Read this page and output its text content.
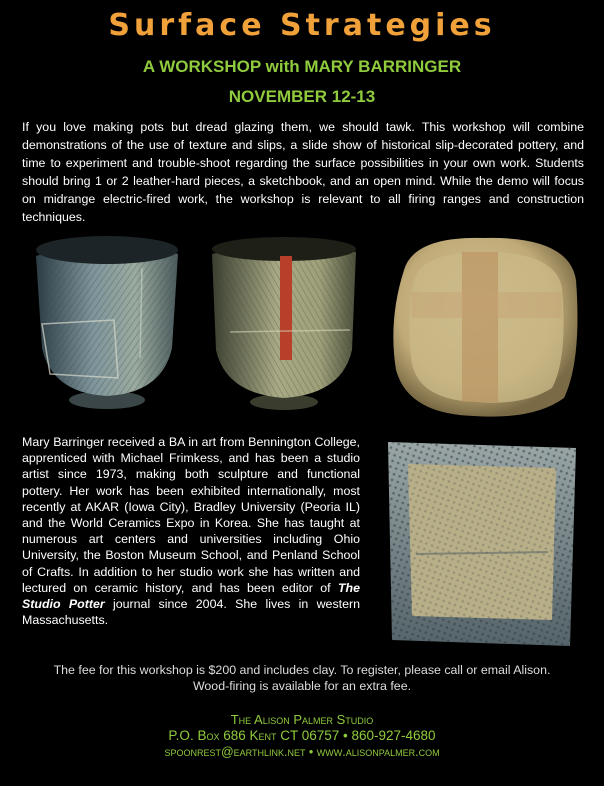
Surface Strategies
A WORKSHOP with MARY BARRINGER
NOVEMBER 12-13
If you love making pots but dread glazing them, we should tawk. This workshop will combine demonstrations of the use of texture and slips, a slide show of historical slip-decorated pottery, and time to experiment and trouble-shoot regarding the surface possibilities in your own work. Students should bring 1 or 2 leather-hard pieces, a sketchbook, and an open mind. While the demo will focus on midrange electric-fired work, the workshop is relevant to all firing ranges and construction techniques.
Mary Barringer received a BA in art from Bennington College, apprenticed with Michael Frimkess, and has been a studio artist since 1973, making both sculpture and functional pottery. Her work has been exhibited internationally, most recently at AKAR (Iowa City), Bradley University (Peoria IL) and the World Ceramics Expo in Korea. She has taught at numerous art centers and universities including Ohio University, the Boston Museum School, and Penland School of Crafts. In addition to her studio work she has written and lectured on ceramic history, and has been editor of The Studio Potter journal since 2004. She lives in western Massachusetts.
The fee for this workshop is $200 and includes clay. To register, please call or email Alison.
Wood-firing is available for an extra fee.
The Alison Palmer Studio
P.O. Box 686 Kent CT 06757 • 860-927-4680
spoonrest@earthlink.net • www.alisonpalmer.com
